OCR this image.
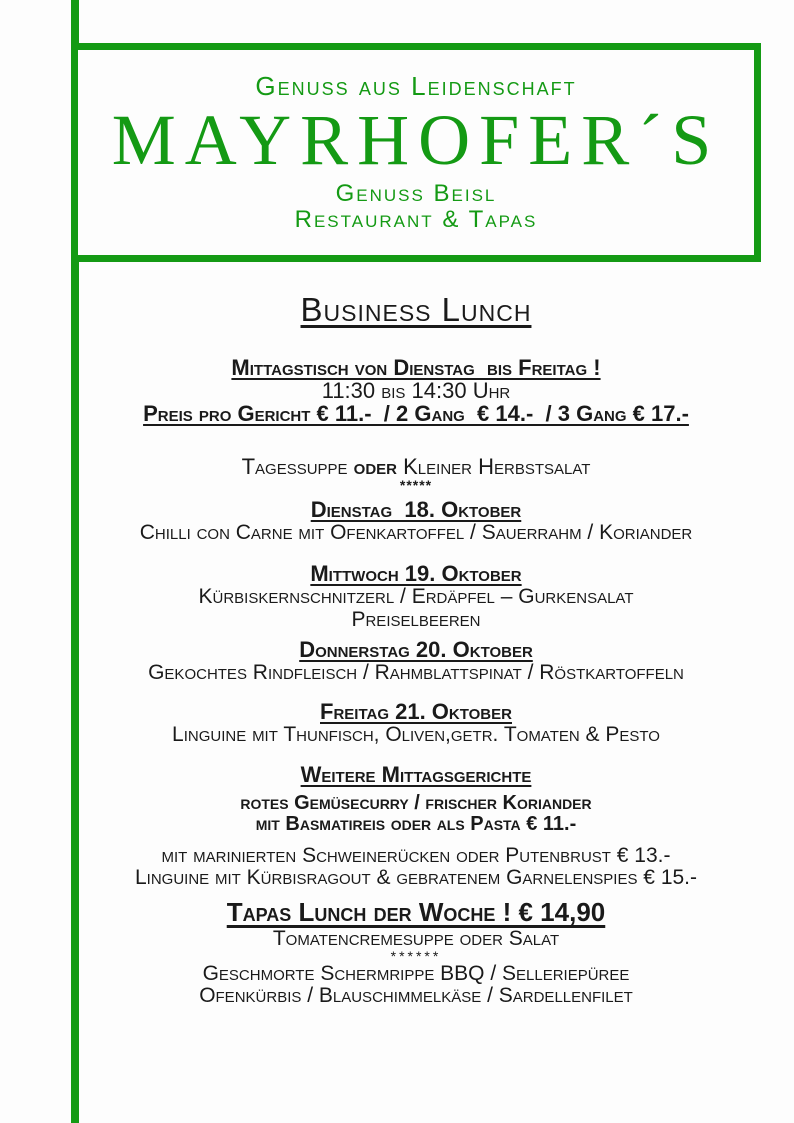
Genuss aus Leidenschaft
MAYRHOFER´S
Genuss Beisl
Restaurant & Tapas

Business Lunch

Mittagstisch von Dienstag  bis Freitag !

11:30 bis 14:30 Uhr

Preis pro Gericht € 11.-  / 2 Gang  € 14.-  / 3 Gang € 17.-

Tagessuppe oder Kleiner Herbstsalat

*****

Dienstag  18. Oktober

Chilli con Carne mit Ofenkartoffel / Sauerrahm / Koriander

Mittwoch 19. Oktober

Kürbiskernschnitzerl / Erdäpfel – Gurkensalat

Preiselbeeren

Donnerstag 20. Oktober

Gekochtes Rindfleisch / Rahmblattspinat / Röstkartoffeln

Freitag 21. Oktober

Linguine mit Thunfisch, Oliven,getr. Tomaten & Pesto

Weitere Mittagsgerichte

rotes Gemüsecurry / frischer Koriander

mit Basmatireis oder als Pasta € 11.-

mit marinierten Schweinerücken oder Putenbrust € 13.-

Linguine mit Kürbisragout & gebratenem Garnelenspies € 15.-

Tapas Lunch der Woche ! € 14,90

Tomatencremesuppe oder Salat

******

Geschmorte Schermrippe BBQ / Selleriepüree

Ofenkürbis / Blauschimmelkäse / Sardellenfilet
